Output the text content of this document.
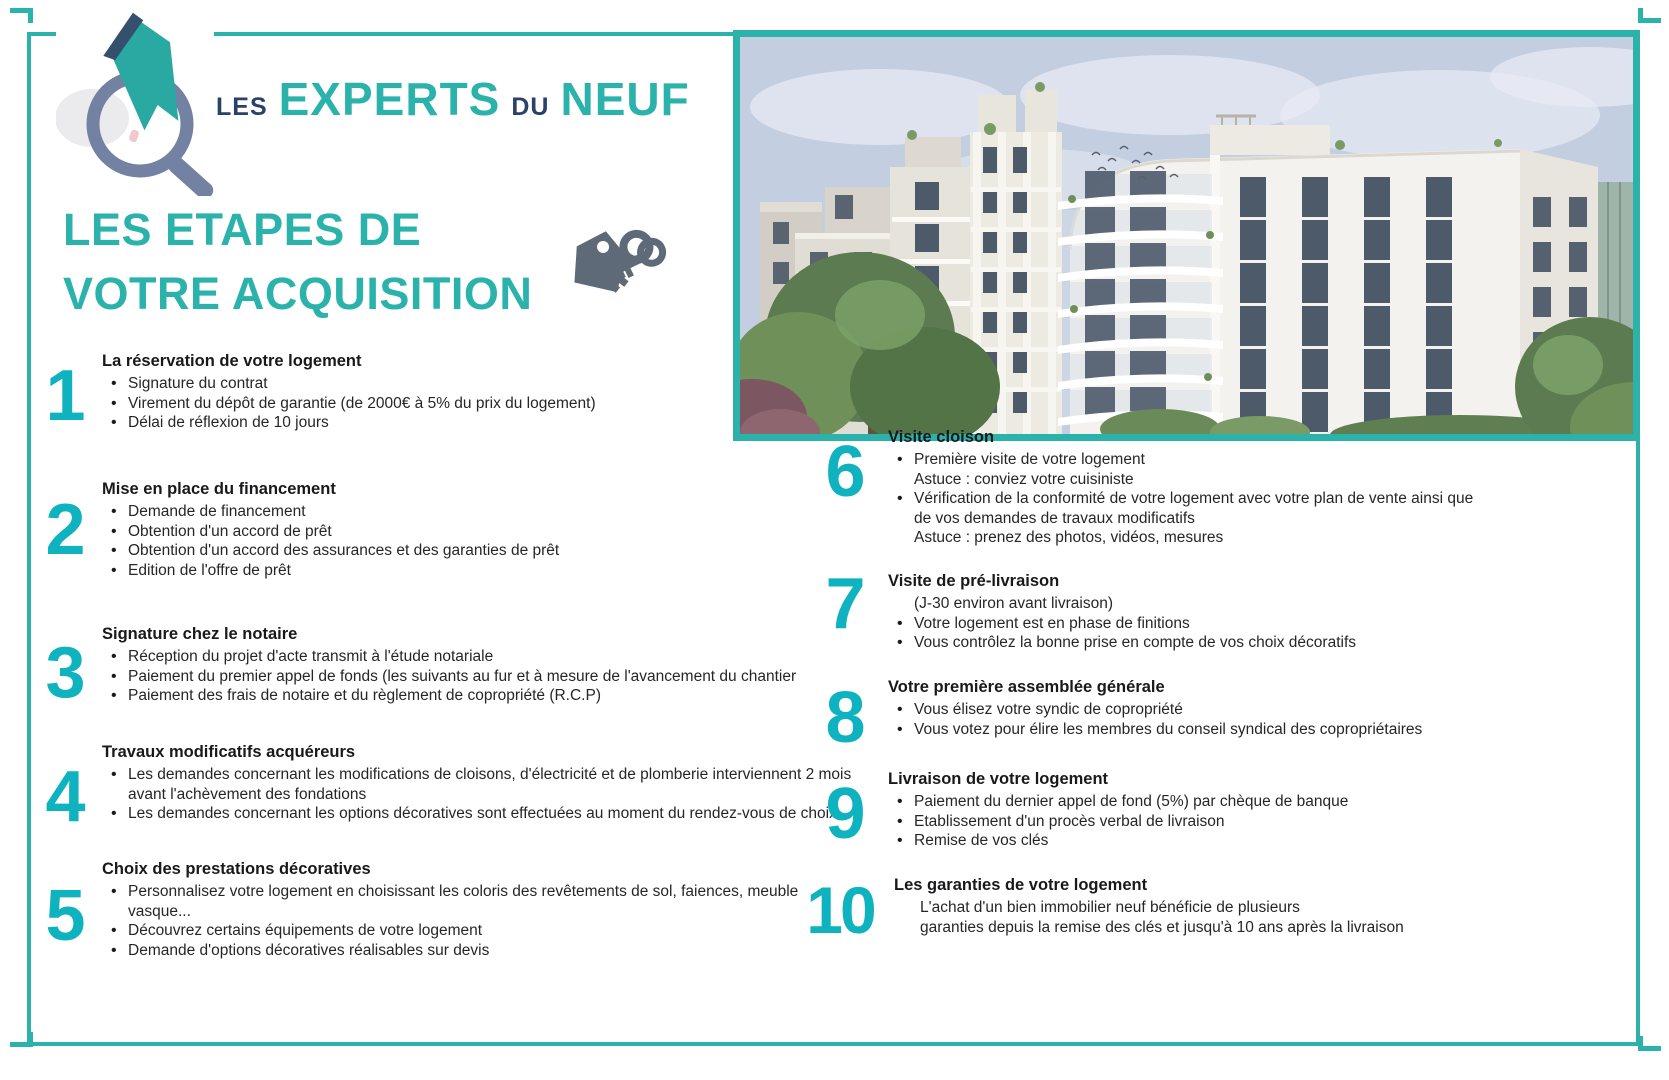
LES EXPERTS DU NEUF
LES ETAPES DE
VOTRE ACQUISITION
1	La réservation de votre logement
• Signature du contrat
• Virement du dépôt de garantie (de 2000€ à 5% du prix du logement)
• Délai de réflexion de 10 jours
2
Mise en place du financement
• Demande de financement
• Obtention d'un accord de prêt
• Obtention d'un accord des assurances et des garanties de prêt
• Edition de l'offre de prêt
3	Signature chez le notaire
• Réception du projet d'acte transmit à l'étude notariale
• Paiement du premier appel de fonds (les suivants au fur et à mesure de l'avancement du chantier
• Paiement des frais de notaire et du règlement de copropriété (R.C.P)
4
Travaux modificatifs acquéreurs
• Les demandes concernant les modifications de cloisons, d'électricité et de plomberie interviennent 2 mois avant l'achèvement des fondations
• Les demandes concernant les options décoratives sont effectuées au moment du rendez-vous de choix
5
Choix des prestations décoratives
• Personnalisez votre logement en choisissant les coloris des revêtements de sol, faiences, meuble vasque...
• Découvrez certains équipements de votre logement
• Demande d'options décoratives réalisables sur devis
6	Visite cloison
• Première visite de votre logement
Astuce : conviez votre cuisiniste
• Vérification de la conformité de votre logement avec votre plan de vente ainsi que de vos demandes de travaux modificatifs
Astuce : prenez des photos, vidéos, mesures
7	Visite de pré-livraison
(J-30 environ avant livraison)
• Votre logement est en phase de finitions
• Vous contrôlez la bonne prise en compte de vos choix décoratifs
8	Votre première assemblée générale
• Vous élisez votre syndic de copropriété
• Vous votez pour élire les membres du conseil syndical des copropriétaires
9	Livraison de votre logement
• Paiement du dernier appel de fond (5%) par chèque de banque
• Etablissement d'un procès verbal de livraison
• Remise de vos clés
10	Les garanties de votre logement
L'achat d'un bien immobilier neuf bénéficie de plusieurs
garanties depuis la remise des clés et jusqu'à 10 ans après la livraison
